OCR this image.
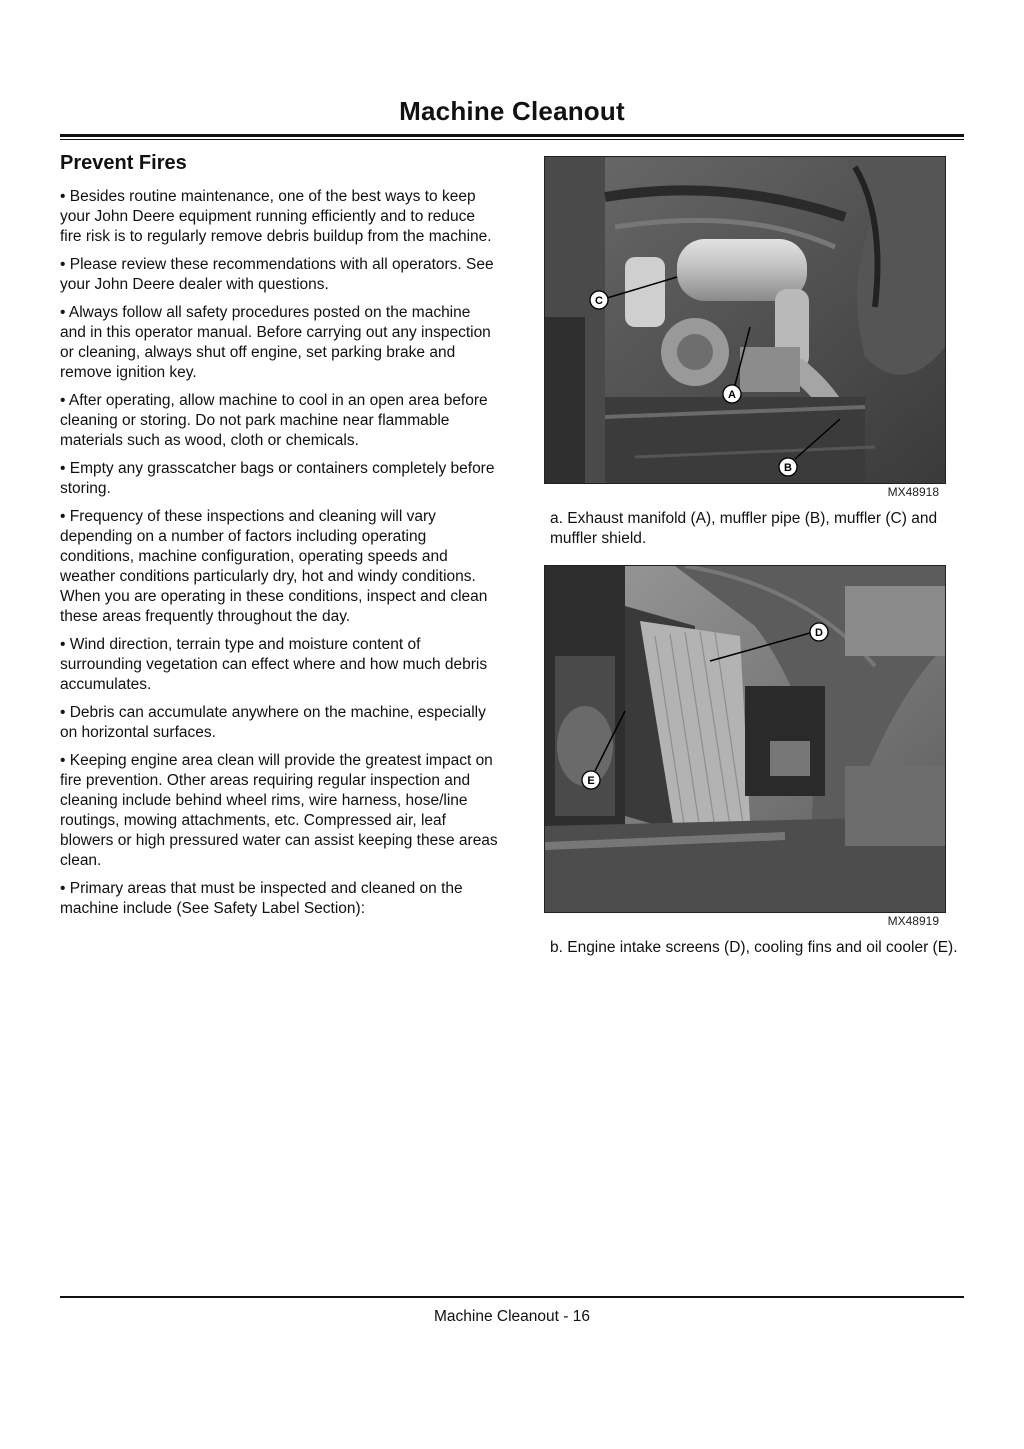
Machine Cleanout
Prevent Fires

• Besides routine maintenance, one of the best ways to keep your John Deere equipment running efficiently and to reduce fire risk is to regularly remove debris buildup from the machine.

• Please review these recommendations with all operators. See your John Deere dealer with questions.

• Always follow all safety procedures posted on the machine and in this operator manual. Before carrying out any inspection or cleaning, always shut off engine, set parking brake and remove ignition key.

• After operating, allow machine to cool in an open area before cleaning or storing. Do not park machine near flammable materials such as wood, cloth or chemicals.

• Empty any grasscatcher bags or containers completely before storing.

• Frequency of these inspections and cleaning will vary depending on a number of factors including operating conditions, machine configuration, operating speeds and weather conditions particularly dry, hot and windy conditions. When you are operating in these conditions, inspect and clean these areas frequently throughout the day.

• Wind direction, terrain type and moisture content of surrounding vegetation can effect where and how much debris accumulates.

• Debris can accumulate anywhere on the machine, especially on horizontal surfaces.

• Keeping engine area clean will provide the greatest impact on fire prevention. Other areas requiring regular inspection and cleaning include behind wheel rims, wire harness, hose/line routings, mowing attachments, etc. Compressed air, leaf blowers or high pressured water can assist keeping these areas clean.

• Primary areas that must be inspected and cleaned on the machine include (See Safety Label Section):

C
A
B
MX48918
a. Exhaust manifold (A), muffler pipe (B), muffler (C) and muffler shield.
D
E
MX48919
b. Engine intake screens (D), cooling fins and oil cooler (E).
Machine Cleanout - 16
